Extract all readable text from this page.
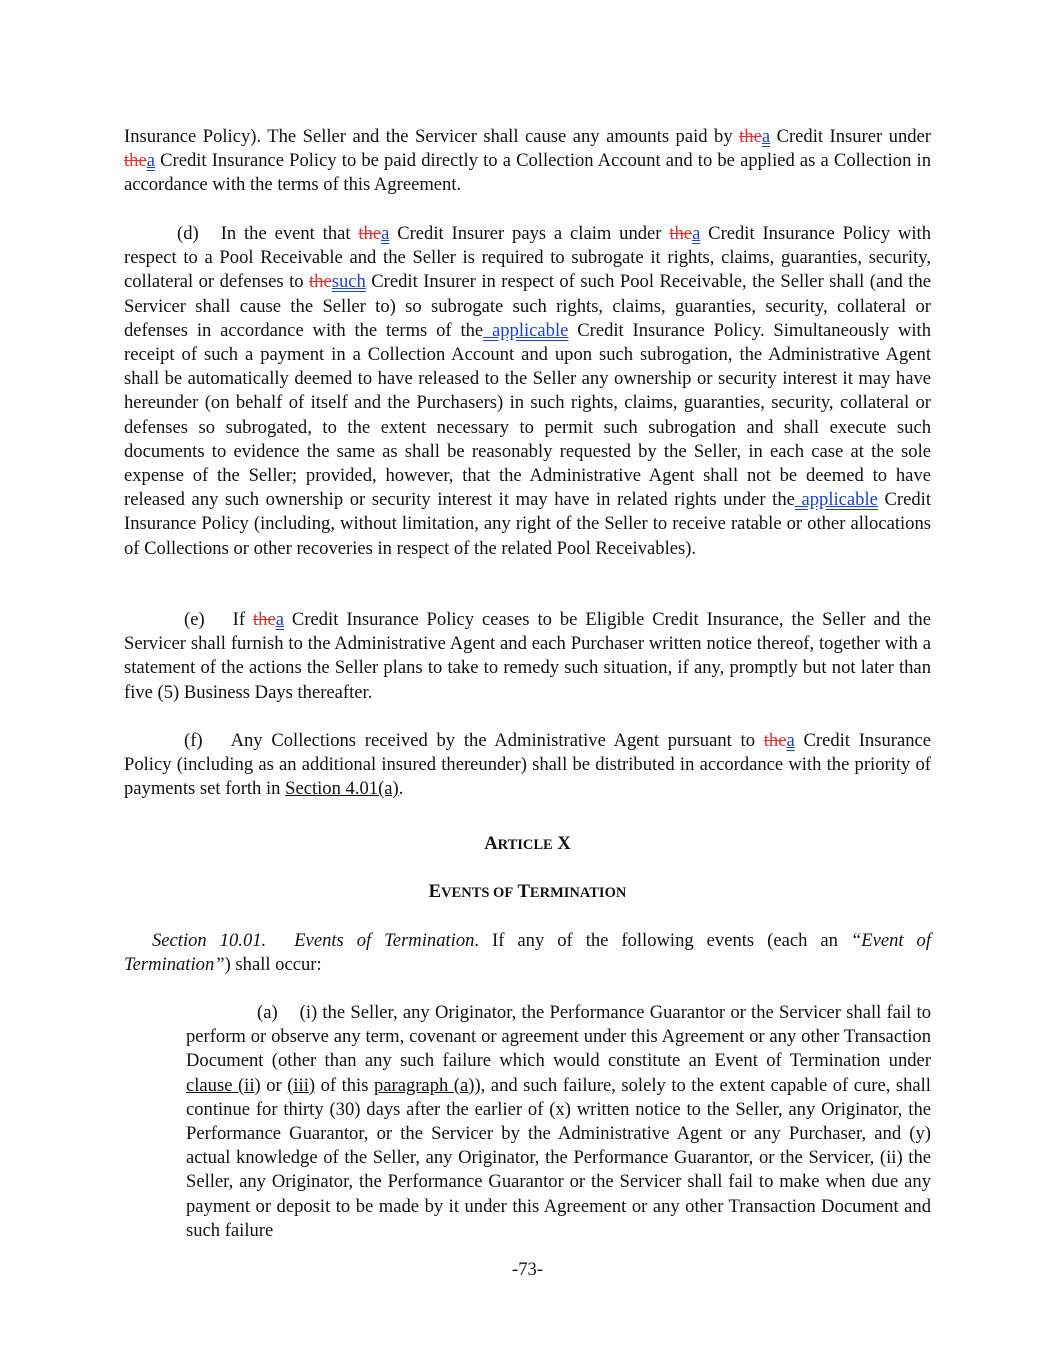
Insurance Policy). The Seller and the Servicer shall cause any amounts paid by thea Credit Insurer under thea Credit Insurance Policy to be paid directly to a Collection Account and to be applied as a Collection in accordance with the terms of this Agreement.

(d) In the event that thea Credit Insurer pays a claim under thea Credit Insurance Policy with respect to a Pool Receivable and the Seller is required to subrogate it rights, claims, guaranties, security, collateral or defenses to thesuch Credit Insurer in respect of such Pool Receivable, the Seller shall (and the Servicer shall cause the Seller to) so subrogate such rights, claims, guaranties, security, collateral or defenses in accordance with the terms of the applicable Credit Insurance Policy. Simultaneously with receipt of such a payment in a Collection Account and upon such subrogation, the Administrative Agent shall be automatically deemed to have released to the Seller any ownership or security interest it may have hereunder (on behalf of itself and the Purchasers) in such rights, claims, guaranties, security, collateral or defenses so subrogated, to the extent necessary to permit such subrogation and shall execute such documents to evidence the same as shall be reasonably requested by the Seller, in each case at the sole expense of the Seller; provided, however, that the Administrative Agent shall not be deemed to have released any such ownership or security interest it may have in related rights under the applicable Credit Insurance Policy (including, without limitation, any right of the Seller to receive ratable or other allocations of Collections or other recoveries in respect of the related Pool Receivables).

(e) If thea Credit Insurance Policy ceases to be Eligible Credit Insurance, the Seller and the Servicer shall furnish to the Administrative Agent and each Purchaser written notice thereof, together with a statement of the actions the Seller plans to take to remedy such situation, if any, promptly but not later than five (5) Business Days thereafter.

(f) Any Collections received by the Administrative Agent pursuant to thea Credit Insurance Policy (including as an additional insured thereunder) shall be distributed in accordance with the priority of payments set forth in Section 4.01(a).

ARTICLE X

EVENTS OF TERMINATION

Section 10.01. Events of Termination. If any of the following events (each an “Event of Termination”) shall occur:

(a) (i) the Seller, any Originator, the Performance Guarantor or the Servicer shall fail to perform or observe any term, covenant or agreement under this Agreement or any other Transaction Document (other than any such failure which would constitute an Event of Termination under clause (ii) or (iii) of this paragraph (a)), and such failure, solely to the extent capable of cure, shall continue for thirty (30) days after the earlier of (x) written notice to the Seller, any Originator, the Performance Guarantor, or the Servicer by the Administrative Agent or any Purchaser, and (y) actual knowledge of the Seller, any Originator, the Performance Guarantor, or the Servicer, (ii) the Seller, any Originator, the Performance Guarantor or the Servicer shall fail to make when due any payment or deposit to be made by it under this Agreement or any other Transaction Document and such failure

-73-
